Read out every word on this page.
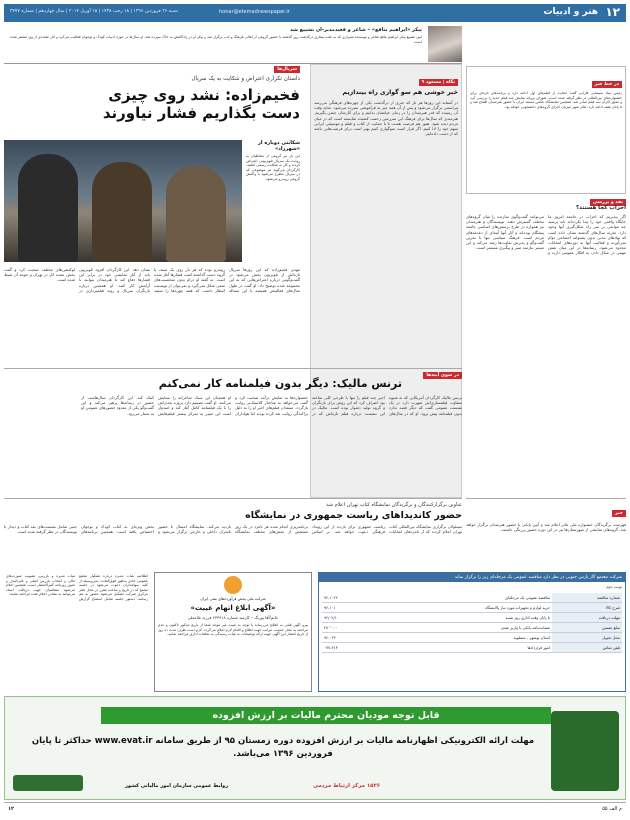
۱۲
هنر و ادبیات
honar@etemadnewspaper.ir
شنبه ۲۶ فروردین ۱۳۹۶ | ۱۸ رجب ۱۴۳۸ | ۱۵ آوریل ۲۰۱۷ | سال چهاردهم | شماره ۳۷۷۷
پیکر «ابراهیم بنافع» – شاعر و فعیدمدیر-ان تشییع شد
آیین تشییع پیکر ابراهیم بنافع شاعر و نویسنده شیرازی که به علت بیماری درگذشت روز گذشته با حضور گروهی از اهالی فرهنگ و ادب برگزار شد و پیکر او در زادگاهش به خاک سپرده شد. او سال‌ها در حوزه ادبیات کودک و نوجوان فعالیت می‌کرد و آثار متعددی از وی منتشر شده است.
در خط خبر
رئیس بنیاد سینمایی فارابی گفت حمایت از فیلم‌های اول ادامه دارد و برنامه‌های تازه‌ای برای جشنواره‌های بین‌المللی در نظر گرفته شده است. شورای پروانه نمایش چند فیلم جدید را بررسی کرد و مجوز اکران سه فیلم صادر شد. همچنین نمایشگاه عکس مستند ایران با حضور هنرمندان افتتاح شد و تا پایان هفته ادامه دارد. تئاتر شهر میزبان اجرای گروه‌های دانشجویی خواهد بود.
نقد و بررسی
احزاب کجا هستند؟
اگر بپذیریم که احزاب در جامعه امروز ما جایگاه واقعی خود را پیدا نکرده‌اند باید پرسید چه موانعی بر سر راه شکل‌گیری آنها وجود دارد. تجربه سال‌های گذشته نشان داده است که نهادهای مدنی بدون پشتوانه اجتماعی دوام نمی‌آورند و فعالیت آنها به دوره‌های انتخابات محدود می‌شود. رسانه‌ها در این میان نقش مهمی در شکل دادن به افکار عمومی دارند و می‌توانند گفت‌وگوی سازنده را میان گروه‌های مختلف گسترش دهند. نویسندگان و هنرمندان نیز همواره در طرح پرسش‌های اساسی جامعه پیشگام بوده‌اند و آثار آنها آینه‌ای از دغدغه‌های مردم است. فرهنگ سیاسی تنها با تمرین گفت‌وگو و پذیرش تفاوت‌ها رشد می‌کند و این مسیر نیازمند صبر و پیگیری مستمر است.
نگاه | مسعود ۹
خبر خوشی هم سو گواری راه بیندازیم
در آستانه این روزها هر بار که خبری از درگذشت یکی از چهره‌های فرهنگی می‌رسد مراسمی برگزار می‌شود و پس از آن همه چیز به فراموشی سپرده می‌شود. شاید وقت آن رسیده که قدر هنرمندان را در زمان حیاتشان بدانیم و برای آثارشان جشن بگیریم. هنرمندی که سال‌ها برای فرهنگ این سرزمین زحمت کشیده شایسته است که در میان مردم دیده شود. هنوز هم فرصت هست تا با حمایت از کتاب و فیلم و موسیقی ایرانی سهم خود را ادا کنیم. اگر قرار است سوگواری کنیم بهتر است برای فرصت‌هایی باشد که از دست داده‌ایم.
سریال‌ها
داستان تکراری اعتراض و شکایت به یک سریال
فخیم‌زاده: نشد روی چیزی دست بگذاریم فشار نیاورند
شکایتی دوباره از «شهرزاد»
این بار نیز گروهی از مخاطبان به روایت یک سریال تلویزیونی اعتراض کردند و کار به شکایت رسمی کشید. کارگردان می‌گوید هر موضوعی که در سریال مطرح می‌شود با واکنش گروهی روبه‌رو می‌شود.
مهدی فخیم‌زاده که این روزها سریال تازه‌اش از تلویزیون پخش می‌شود در گفت‌وگویی درباره اعتراض‌هایی که به این مجموعه شده توضیح داد. او گفت در طول سال‌های فعالیتش همیشه با این مساله روبه‌رو بوده که هر بار روی یک صنف یا گروه دست گذاشته است فشارها آغاز شده است. به گفته او درام بدون شخصیت‌های منفی شکل نمی‌گیرد و نمی‌توان از نویسنده انتظار داشت که همه چهره‌ها را سفید نشان دهد. این کارگردان افزود تلویزیون باید از آثار نمایشی خود در برابر این فشارها دفاع کند تا هنرمندان بتوانند با آرامش کار کنند. او همچنین درباره بازیگران سریال و روند فیلمبرداری در لوکیشن‌های مختلف صحبت کرد و گفت بخش عمده کار در تهران و حومه آن ضبط شده است.
در سوی آینه‌ها
ترنس مالیک: دیگر بدون فیلمنامه کار نمی‌کنم
ترنس مالیک کارگردان آمریکایی که به شیوه متفاوت فیلمسازی‌اش شهرت دارد در یک نشست عمومی گفت که دیگر قصد ندارد بدون فیلمنامه پیش برود. او که در سال‌های اخیر چند فیلم را تنها با طرحی کلی ساخته بود اعتراف کرد که این روش برای بازیگران و گروه تولید دشوار بوده است. مالیک در این نشست درباره فیلم تازه‌اش که در جشنواره‌ها به نمایش درآمد صحبت کرد و گفت می‌خواهد به ساختار کلاسیک‌تر روایت بازگردد. منتقدان فیلم‌های اخیر او را به دلیل پراکندگی روایت نقد کرده بودند اما هواداران او همچنان این سبک شاعرانه را ستایش می‌کنند. او گفت تصمیم دارد پروژه بعدی‌اش را با یک فیلمنامه کامل آغاز کند و امیدوار است این تغییر به تمرکز بیشتر فیلم‌هایش کمک کند. این کارگردان سال‌هاست از حضور در رسانه‌ها پرهیز می‌کند و این گفت‌وگو یکی از معدود حضورهای عمومی او به شمار می‌رود.
عناوین برگزارکنندگان و برگزیدگان نمایشگاه کتاب تهران اعلام شد
حضور کاندیداهای ریاست جمهوری در نمایشگاه
مسئولان برگزاری نمایشگاه بین‌المللی کتاب تهران اعلام کردند که از نامزدهای انتخابات ریاست جمهوری برای بازدید از این رویداد فرهنگی دعوت خواهد شد. بر اساس برنامه‌ریزی انجام شده هر نامزد در یک روز مشخص از بخش‌های مختلف نمایشگاه بازدید می‌کند. نمایشگاه امسال با حضور ناشران داخلی و خارجی برگزار می‌شود و بخش ویژه‌ای به کتاب کودک و نوجوان اختصاص یافته است. همچنین برنامه‌های جنبی شامل نشست‌های نقد کتاب و دیدار با نویسندگان در نظر گرفته شده است.
خبر
فهرست برگزیدگان جشنواره ملی تئاتر اعلام شد و آیین پایانی با حضور هنرمندان برگزار خواهد شد. گروه‌های نمایشی از شهرستان‌ها نیز در این دوره حضور پررنگی داشتند.
شرکت مجتمع گاز پارس جنوبی در نظر دارد مناقصه عمومی یک مرحله‌ای زیر را برگزار نماید
نوبت دوم
شماره مناقصه
مناقصه عمومی یک مرحله‌ای
۹۶-۱۰۲۲
شرح کالا
خرید لوازم و تجهیزات مورد نیاز پالایشگاه
۹۶-۱۰۱
مهلت دریافت
تا پایان وقت اداری روز شنبه
۹۶/۰۲/۱۰
مبلغ تضمین
ضمانت‌نامه بانکی یا واریز نقدی
۲۸۰٬۰۰۰
محل تحویل
استان بوشهر - عسلویه
۹۶-۰۲۳
تلفن تماس
امور قراردادها
۰۷۷-۳۱۳
شرکت ملی پخش فرآورده‌های نفتی ایران
«آگهی ابلاغ اتهام غیبت»
خانم/آقا پورنگ – کارمند شماره ۲۳۳۹۱۸ فرزند غلامعلی
پیرو آگهی قبلی به اطلاع می‌رساند با توجه به غیبت غیر موجه شما از تاریخ مذکور تاکنون و عدم مراجعه به محل خدمت، مراتب جهت اطلاع و اقدام لازم اعلام می‌گردد. لازم است ظرف مدت ده روز از تاریخ انتشار این آگهی جهت ارائه توضیحات به هیات رسیدگی به تخلفات اداری مراجعه نمایید.
اطلاعیه هیات مدیره درباره تشکیل مجمع عمومی عادی به‌طور فوق‌العاده. بدین‌وسیله از کلیه سهامداران دعوت می‌شود در جلسه مجمع که در تاریخ و ساعت مقرر در محل دفتر مرکزی شرکت تشکیل می‌شود حضور به هم رسانند. دستور جلسه شامل استماع گزارش هیات مدیره و بازرس، تصویب صورت‌های مالی و انتخاب بازرس اصلی و علی‌البدل و تعیین روزنامه کثیرالانتشار است. همچنین اعلام می‌شود متقاضیان جهت دریافت اسناد می‌توانند به نشانی اعلام شده مراجعه نمایند.
قابل توجه مودیان محترم مالیات بر ارزش افزوده
مهلت ارائه الکترونیکی اظهارنامه مالیات بر ارزش افزوده دوره زمستان ۹۵ از طریق سامانه www.evat.ir حداکثر تا پایان فروردین ۱۳۹۶ می‌باشد.
روابط عمومی سازمان امور مالیاتی کشور	۱۵۲۶ مرکز ارتباط مردمی
م الف ۵۵
۱۲
